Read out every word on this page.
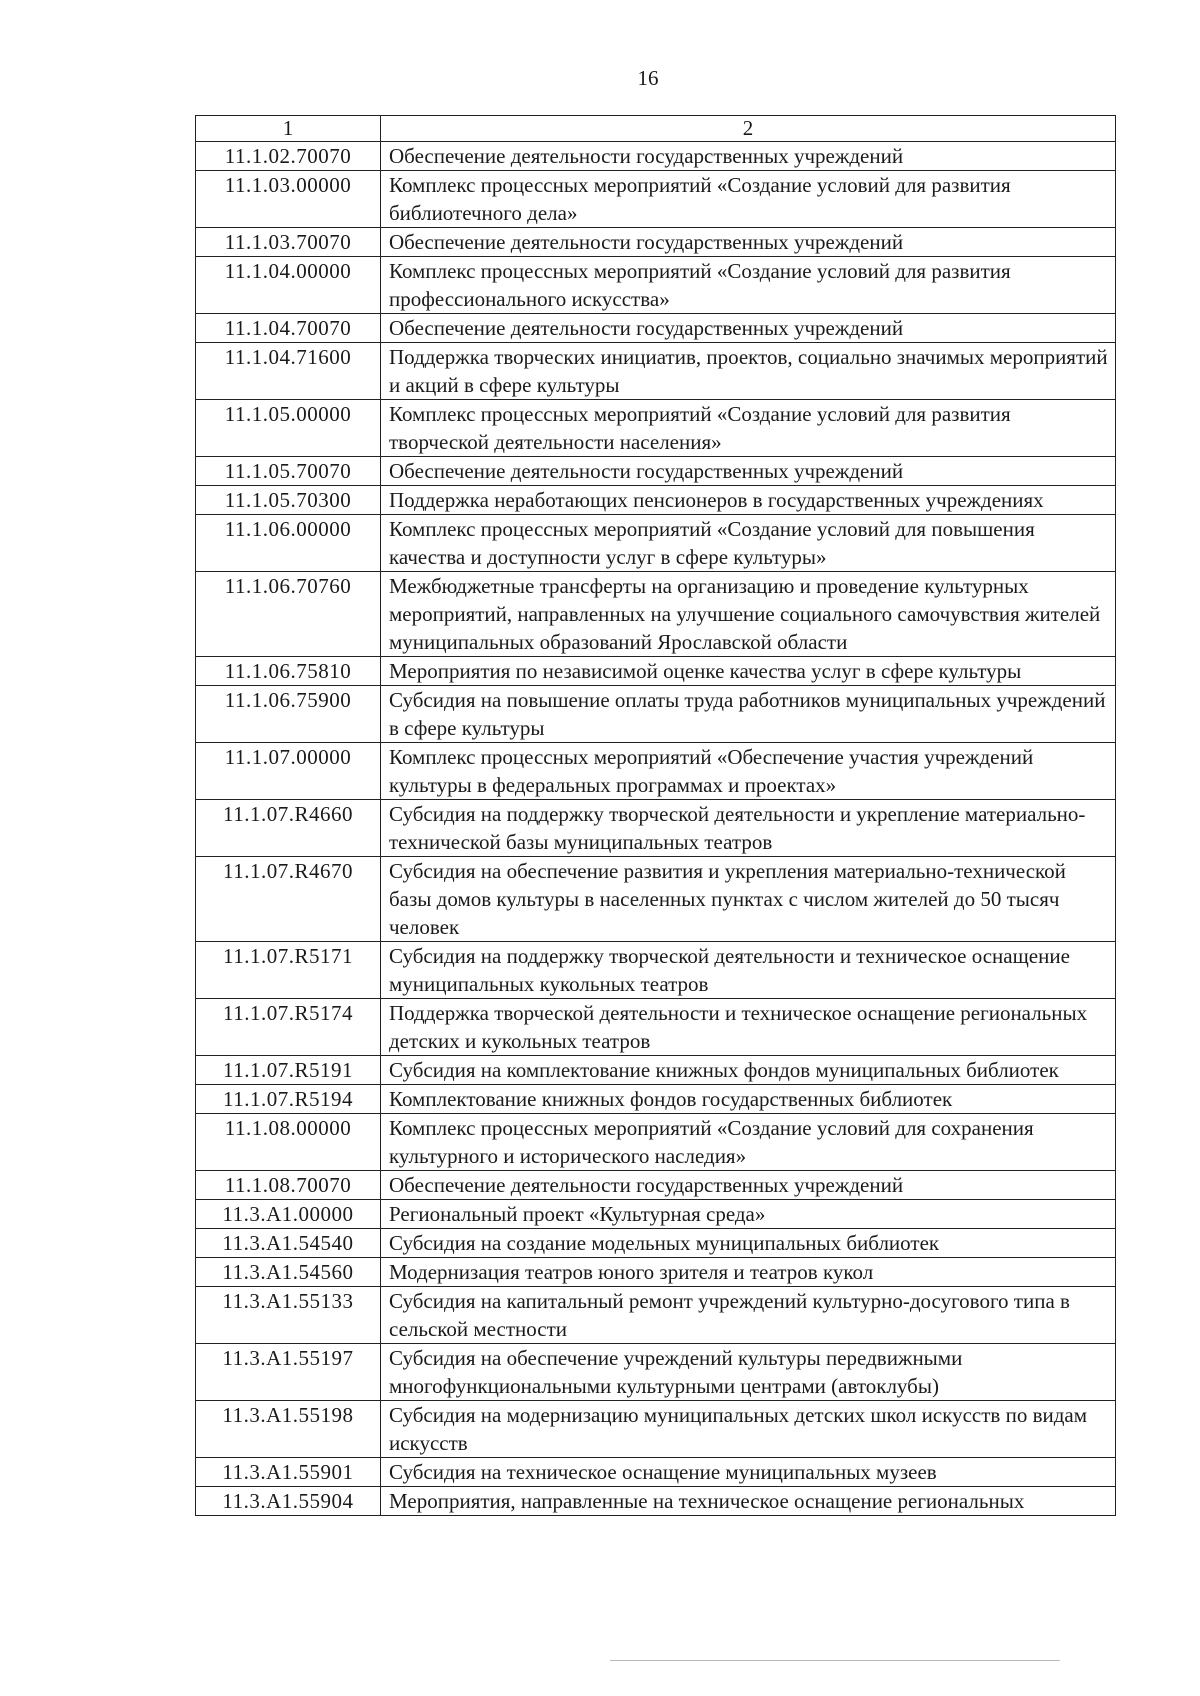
16
1	2
11.1.02.70070	Обеспечение деятельности государственных учреждений
11.1.03.00000	Комплекс процессных мероприятий «Создание условий для развития библиотечного дела»
11.1.03.70070	Обеспечение деятельности государственных учреждений
11.1.04.00000	Комплекс процессных мероприятий «Создание условий для развития профессионального искусства»
11.1.04.70070	Обеспечение деятельности государственных учреждений
11.1.04.71600	Поддержка творческих инициатив, проектов, социально значимых мероприятий и акций в сфере культуры
11.1.05.00000	Комплекс процессных мероприятий «Создание условий для развития творческой деятельности населения»
11.1.05.70070	Обеспечение деятельности государственных учреждений
11.1.05.70300	Поддержка неработающих пенсионеров в государственных учреждениях
11.1.06.00000	Комплекс процессных мероприятий «Создание условий для повышения качества и доступности услуг в сфере культуры»
11.1.06.70760	Межбюджетные трансферты на организацию и проведение культурных мероприятий, направленных на улучшение социального самочувствия жителей муниципальных образований Ярославской области
11.1.06.75810	Мероприятия по независимой оценке качества услуг в сфере культуры
11.1.06.75900	Субсидия на повышение оплаты труда работников муниципальных учреждений в сфере культуры
11.1.07.00000	Комплекс процессных мероприятий «Обеспечение участия учреждений культуры в федеральных программах и проектах»
11.1.07.R4660	Субсидия на поддержку творческой деятельности и укрепление материально-технической базы муниципальных театров
11.1.07.R4670	Субсидия на обеспечение развития и укрепления материально-технической базы домов культуры в населенных пунктах с числом жителей до 50 тысяч человек
11.1.07.R5171	Субсидия на поддержку творческой деятельности и техническое оснащение муниципальных кукольных театров
11.1.07.R5174	Поддержка творческой деятельности и техническое оснащение региональных детских и кукольных театров
11.1.07.R5191	Субсидия на комплектование книжных фондов муниципальных библиотек
11.1.07.R5194	Комплектование книжных фондов государственных библиотек
11.1.08.00000	Комплекс процессных мероприятий «Создание условий для сохранения культурного и исторического наследия»
11.1.08.70070	Обеспечение деятельности государственных учреждений
11.3.A1.00000	Региональный проект «Культурная среда»
11.3.A1.54540	Субсидия на создание модельных муниципальных библиотек
11.3.A1.54560	Модернизация театров юного зрителя и театров кукол
11.3.A1.55133	Субсидия на капитальный ремонт учреждений культурно-досугового типа в сельской местности
11.3.A1.55197	Субсидия на обеспечение учреждений культуры передвижными многофункциональными культурными центрами (автоклубы)
11.3.A1.55198	Субсидия на модернизацию муниципальных детских школ искусств по видам искусств
11.3.A1.55901	Субсидия на техническое оснащение муниципальных музеев
11.3.A1.55904	Мероприятия, направленные на техническое оснащение региональных
